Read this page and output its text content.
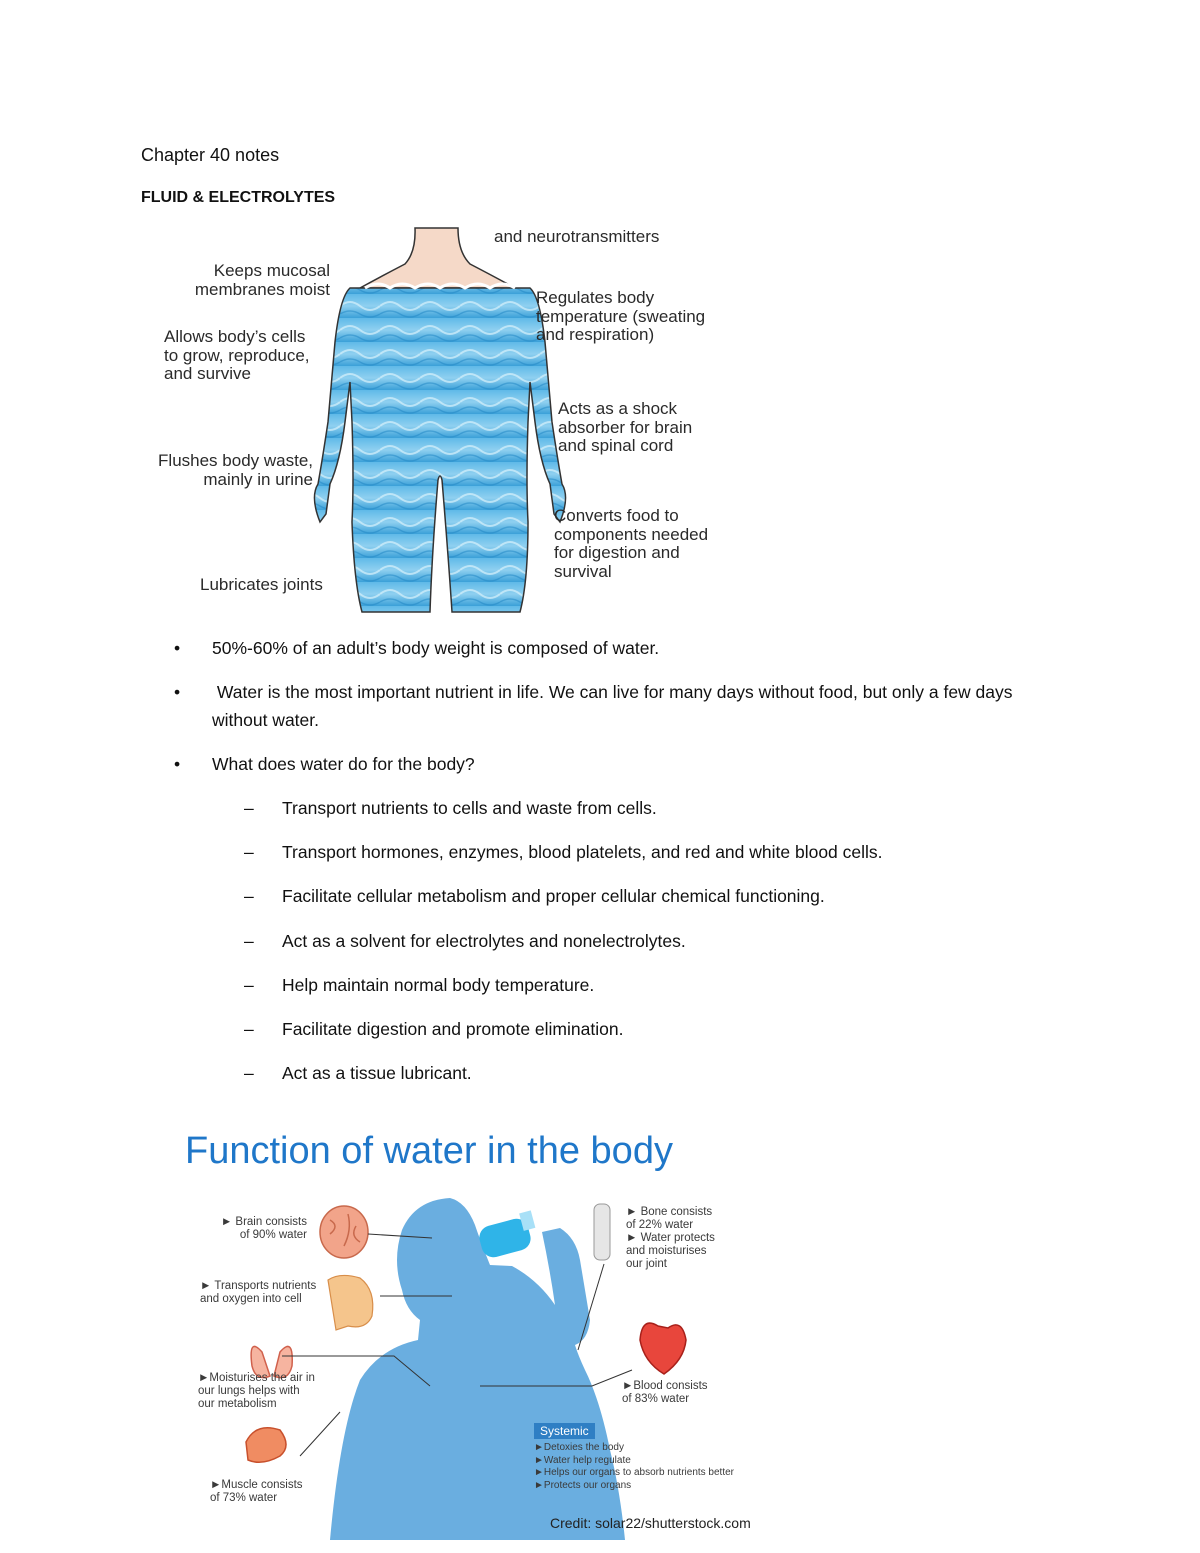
Chapter 40 notes
FLUID & ELECTROLYTES
and neurotransmitters
Keeps mucosal
membranes moist
Allows body’s cells
to grow, reproduce,
and survive
Flushes body waste,
mainly in urine
Lubricates joints
Regulates body
temperature (sweating
and respiration)
Acts as a shock
absorber for brain
and spinal cord
Converts food to
components needed
for digestion and
survival
• 50%-60% of an adult’s body weight is composed of water.
• Water is the most important nutrient in life. We can live for many days without food, but only a few days without water.
• What does water do for the body?
– Transport nutrients to cells and waste from cells.
– Transport hormones, enzymes, blood platelets, and red and white blood cells.
– Facilitate cellular metabolism and proper cellular chemical functioning.
– Act as a solvent for electrolytes and nonelectrolytes.
– Help maintain normal body temperature.
– Facilitate digestion and promote elimination.
– Act as a tissue lubricant.
Function of water in the body
► Brain consists
of 90% water
► Transports nutrients
and oxygen into cell
►Moisturises the air in
our lungs helps with
our metabolism
►Muscle consists
of 73% water
► Bone consists
of 22% water
► Water protects
and moisturises
our joint
►Blood consists
of 83% water
Systemic
►Detoxies the body
►Water help regulate
►Helps our organs to absorb nutrients better
►Protects our organs
Credit: solar22/shutterstock.com
